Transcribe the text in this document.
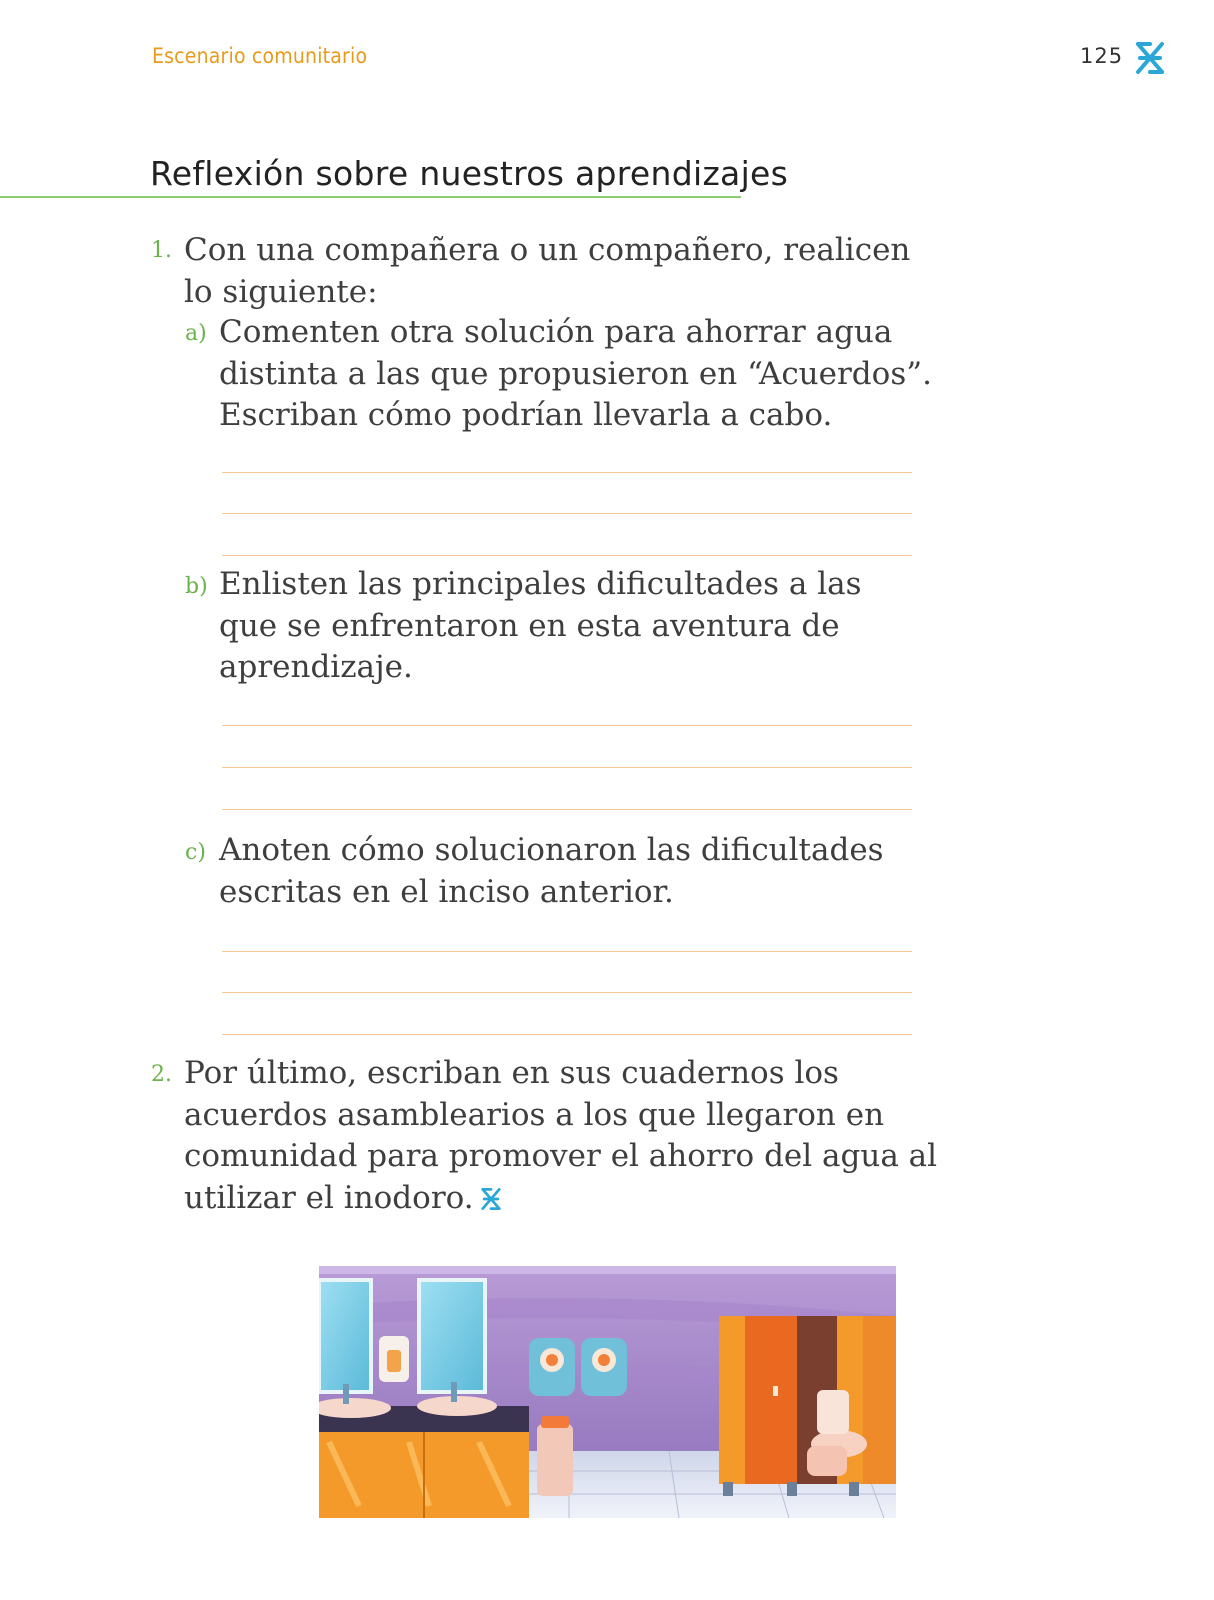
Escenario comunitario	125
Reflexión sobre nuestros aprendizajes
1. Con una compañera o un compañero, realicen
lo siguiente:
a) Comenten otra solución para ahorrar agua
distinta a las que propusieron en “Acuerdos”.
Escriban cómo podrían llevarla a cabo.
b) Enlisten las principales dificultades a las
que se enfrentaron en esta aventura de
aprendizaje.
c) Anoten cómo solucionaron las dificultades
escritas en el inciso anterior.
2. Por último, escriban en sus cuadernos los
acuerdos asamblearios a los que llegaron en
comunidad para promover el ahorro del agua al
utilizar el inodoro.
